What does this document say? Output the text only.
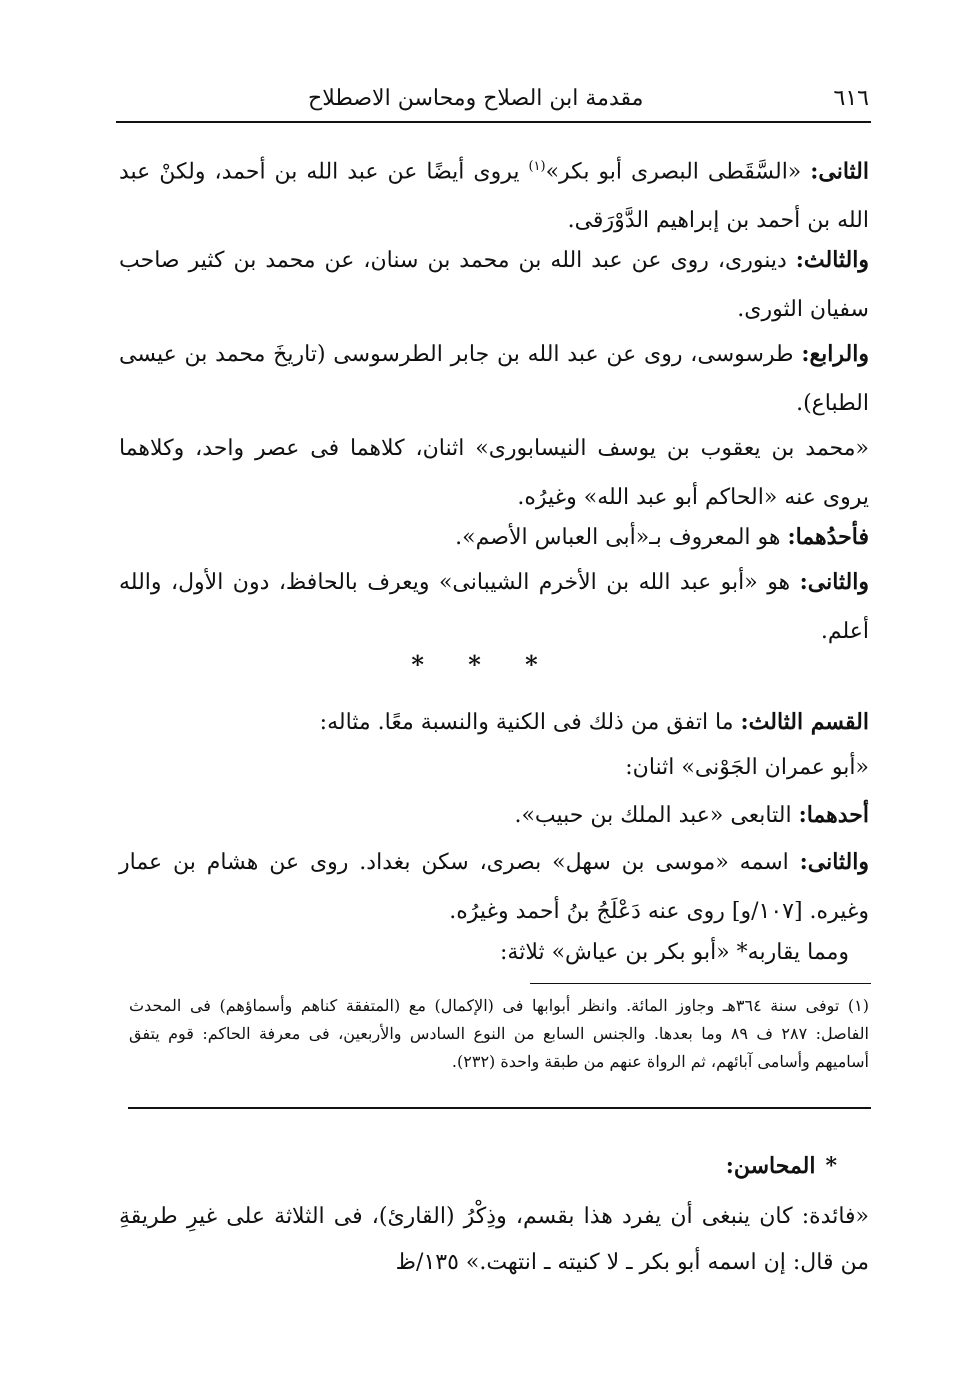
٦١٦
مقدمة ابن الصلاح ومحاسن الاصطلاح

الثانى: «السَّقَطى البصرى أبو بكر»$^{(١)}$ يروى أيضًا عن عبد الله بن أحمد، ولكنْ عبد الله بن أحمد بن إبراهيم الدَّوْرَقى.

والثالث: دينورى، روى عن عبد الله بن محمد بن سنان، عن محمد بن كثير صاحب سفيان الثورى.

والرابع: طرسوسى، روى عن عبد الله بن جابر الطرسوسى (تاريخَ محمد بن عيسى الطباع).

«محمد بن يعقوب بن يوسف النيسابورى» اثنان، كلاهما فى عصر واحد، وكلاهما يروى عنه «الحاكم أبو عبد الله» وغيرُه.

فأحدُهما: هو المعروف بـ«أبى العباس الأصم».

والثانى: هو «أبو عبد الله بن الأخرم الشيبانى» ويعرف بالحافظ، دون الأول، والله أعلم.

* * *

القسم الثالث: ما اتفق من ذلك فى الكنية والنسبة معًا. مثاله:

«أبو عمران الجَوْنى» اثنان:

أحدهما: التابعى «عبد الملك بن حبيب».

والثانى: اسمه «موسى بن سهل» بصرى، سكن بغداد. روى عن هشام بن عمار وغيره. [١٠٧/و] روى عنه دَعْلَجُ بنُ أحمد وغيرُه.

ومما يقاربه* «أبو بكر بن عياش» ثلاثة:

(١) توفى سنة ٣٦٤هـ وجاوز المائة. وانظر أبوابها فى (الإكمال) مع (المتفقة كناهم وأسماؤهم) فى المحدث الفاصل: ٢٨٧ ف ٨٩ وما بعدها. والجنس السابع من النوع السادس والأربعين، فى معرفة الحاكم: قوم يتفق أساميهم وأسامى آبائهم، ثم الرواة عنهم من طبقة واحدة (٢٣٢).

*المحاسن:

«فائدة: كان ينبغى أن يفرد هذا بقسم، وذِكْرُ (القارئ)، فى الثلاثة على غيرِ طريقةِ من قال: إن اسمه أبو بكر ـ لا كنيته ـ انتهت.» ١٣٥/ظ
